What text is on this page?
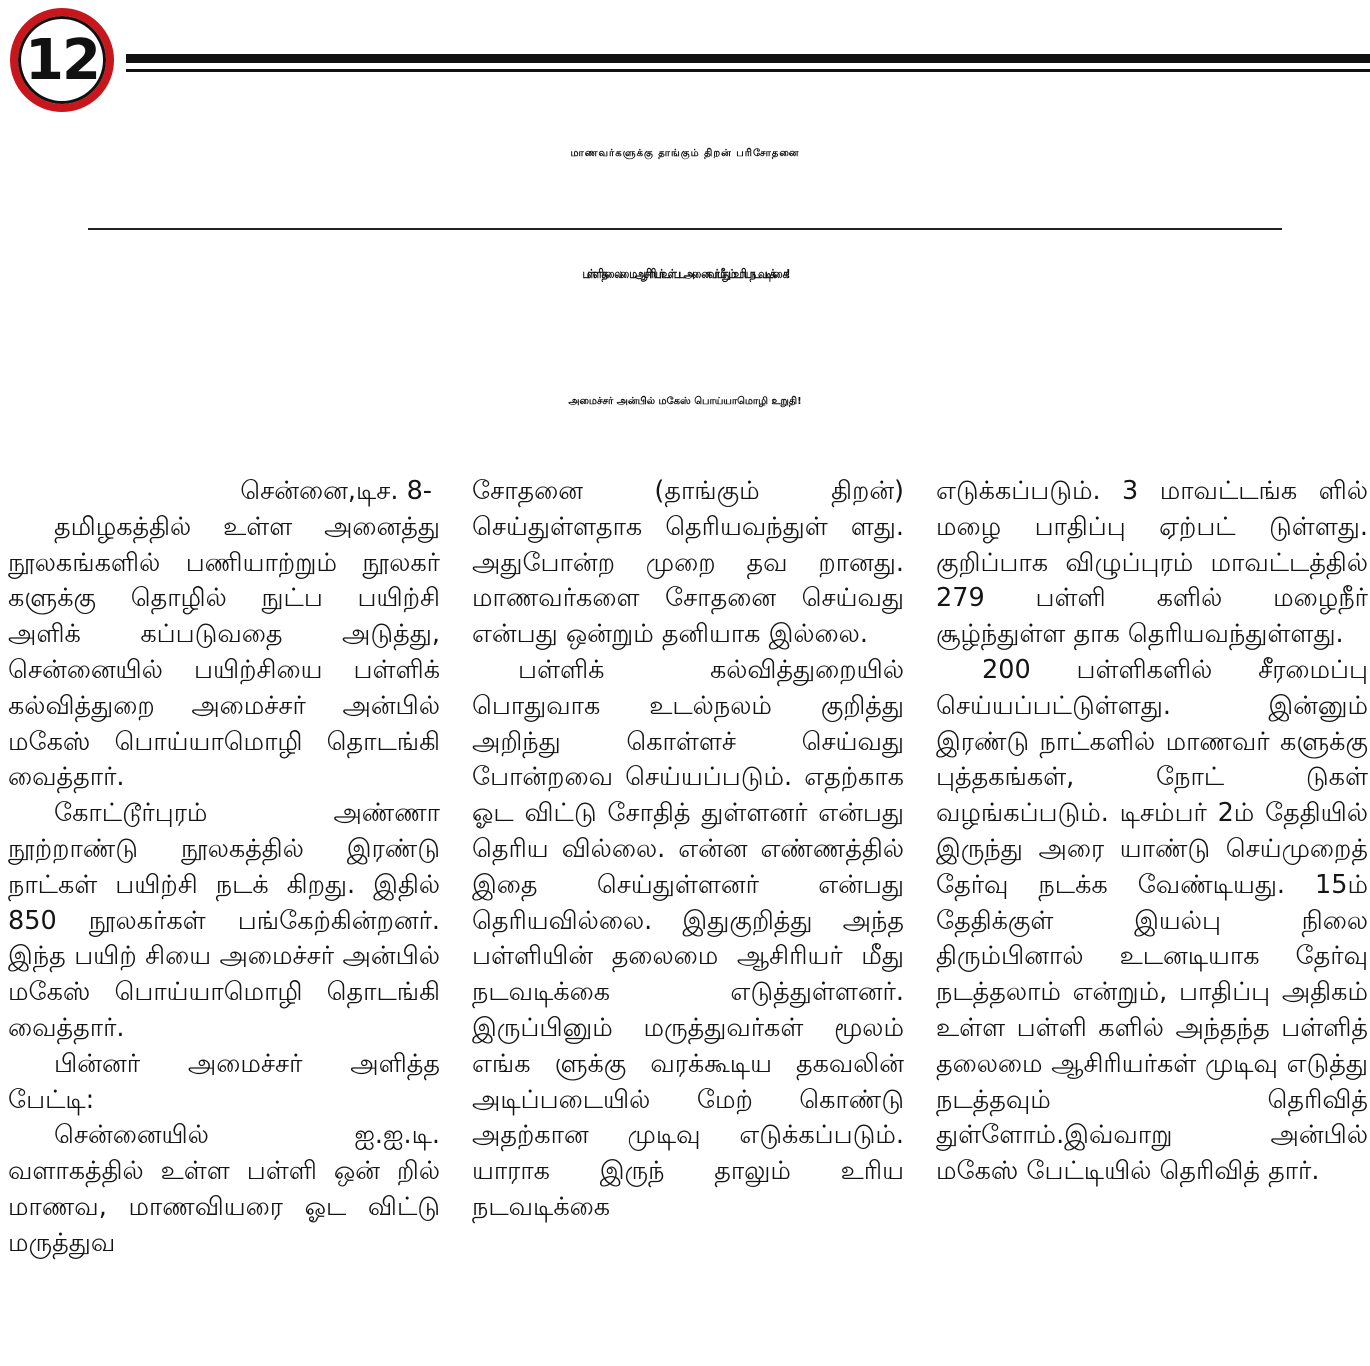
12
மாணவர்களுக்கு தாங்கும் திறன் பரிசோதனை
பள்ளி தலைமை ஆசிரியர் உள்பட அனைவர் மீதும் உரிய நடவடிக்கை!
அமைச்சர் அன்பில் மகேஸ் பொய்யாமொழி உறுதி!
சென்னை,டிச. 8-

தமிழகத்தில் உள்ள அனைத்து நூலகங்களில் பணியாற்றும் நூலகர் களுக்கு தொழில் நுட்ப பயிற்சி அளிக் கப்படுவதை அடுத்து, சென்னையில் பயிற்சியை பள்ளிக் கல்வித்துறை அமைச்சர் அன்பில் மகேஸ் பொய்யாமொழி தொடங்கி வைத்தார்.

கோட்டூர்புரம் அண்ணா நூற்றாண்டு நூலகத்தில் இரண்டு நாட்கள் பயிற்சி நடக் கிறது. இதில் 850 நூலகர்கள் பங்கேற்கின்றனர். இந்த பயிற் சியை அமைச்சர் அன்பில் மகேஸ் பொய்யாமொழி தொடங்கி வைத்தார்.

பின்னர் அமைச்சர் அளித்த பேட்டி:

சென்னையில் ஐ.ஐ.டி. வளாகத்தில் உள்ள பள்ளி ஒன் றில் மாணவ, மாணவியரை ஓட விட்டு மருத்துவ

சோதனை (தாங்கும் திறன்) செய்துள்ளதாக தெரியவந்துள் ளது. அதுபோன்ற முறை தவ றானது. மாணவர்களை சோதனை செய்வது என்பது ஒன்றும் தனியாக இல்லை.

பள்ளிக் கல்வித்துறையில் பொதுவாக உடல்நலம் குறித்து அறிந்து கொள்ளச் செய்வது போன்றவை செய்யப்படும். எதற்காக ஓட விட்டு சோதித் துள்ளனர் என்பது தெரிய வில்லை. என்ன எண்ணத்தில் இதை செய்துள்ளனர் என்பது தெரியவில்லை. இதுகுறித்து அந்த பள்ளியின் தலைமை ஆசிரியர் மீது நடவடிக்கை எடுத்துள்ளனர். இருப்பினும் மருத்துவர்கள் மூலம் எங்க ளுக்கு வரக்கூடிய தகவலின் அடிப்படையில் மேற் கொண்டு அதற்கான முடிவு எடுக்கப்படும். யாராக இருந் தாலும் உரிய நடவடிக்கை

எடுக்கப்படும். 3 மாவட்டங்க ளில் மழை பாதிப்பு ஏற்பட் டுள்ளது. குறிப்பாக விழுப்புரம் மாவட்டத்தில் 279 பள்ளி களில் மழைநீர் சூழ்ந்துள்ள தாக தெரியவந்துள்ளது.

200 பள்ளிகளில் சீரமைப்பு செய்யப்பட்டுள்ளது. இன்னும் இரண்டு நாட்களில் மாணவர் களுக்கு புத்தகங்கள், நோட் டுகள் வழங்கப்படும். டிசம்பர் 2ம் தேதியில் இருந்து அரை யாண்டு செய்முறைத் தேர்வு நடக்க வேண்டியது. 15ம் தேதிக்குள் இயல்பு நிலை திரும்பினால் உடனடியாக தேர்வு நடத்தலாம் என்றும், பாதிப்பு அதிகம் உள்ள பள்ளி களில் அந்தந்த பள்ளித் தலைமை ஆசிரியர்கள் முடிவு எடுத்து நடத்தவும் தெரிவித் துள்ளோம்.இவ்வாறு அன்பில் மகேஸ் பேட்டியில் தெரிவித் தார்.
